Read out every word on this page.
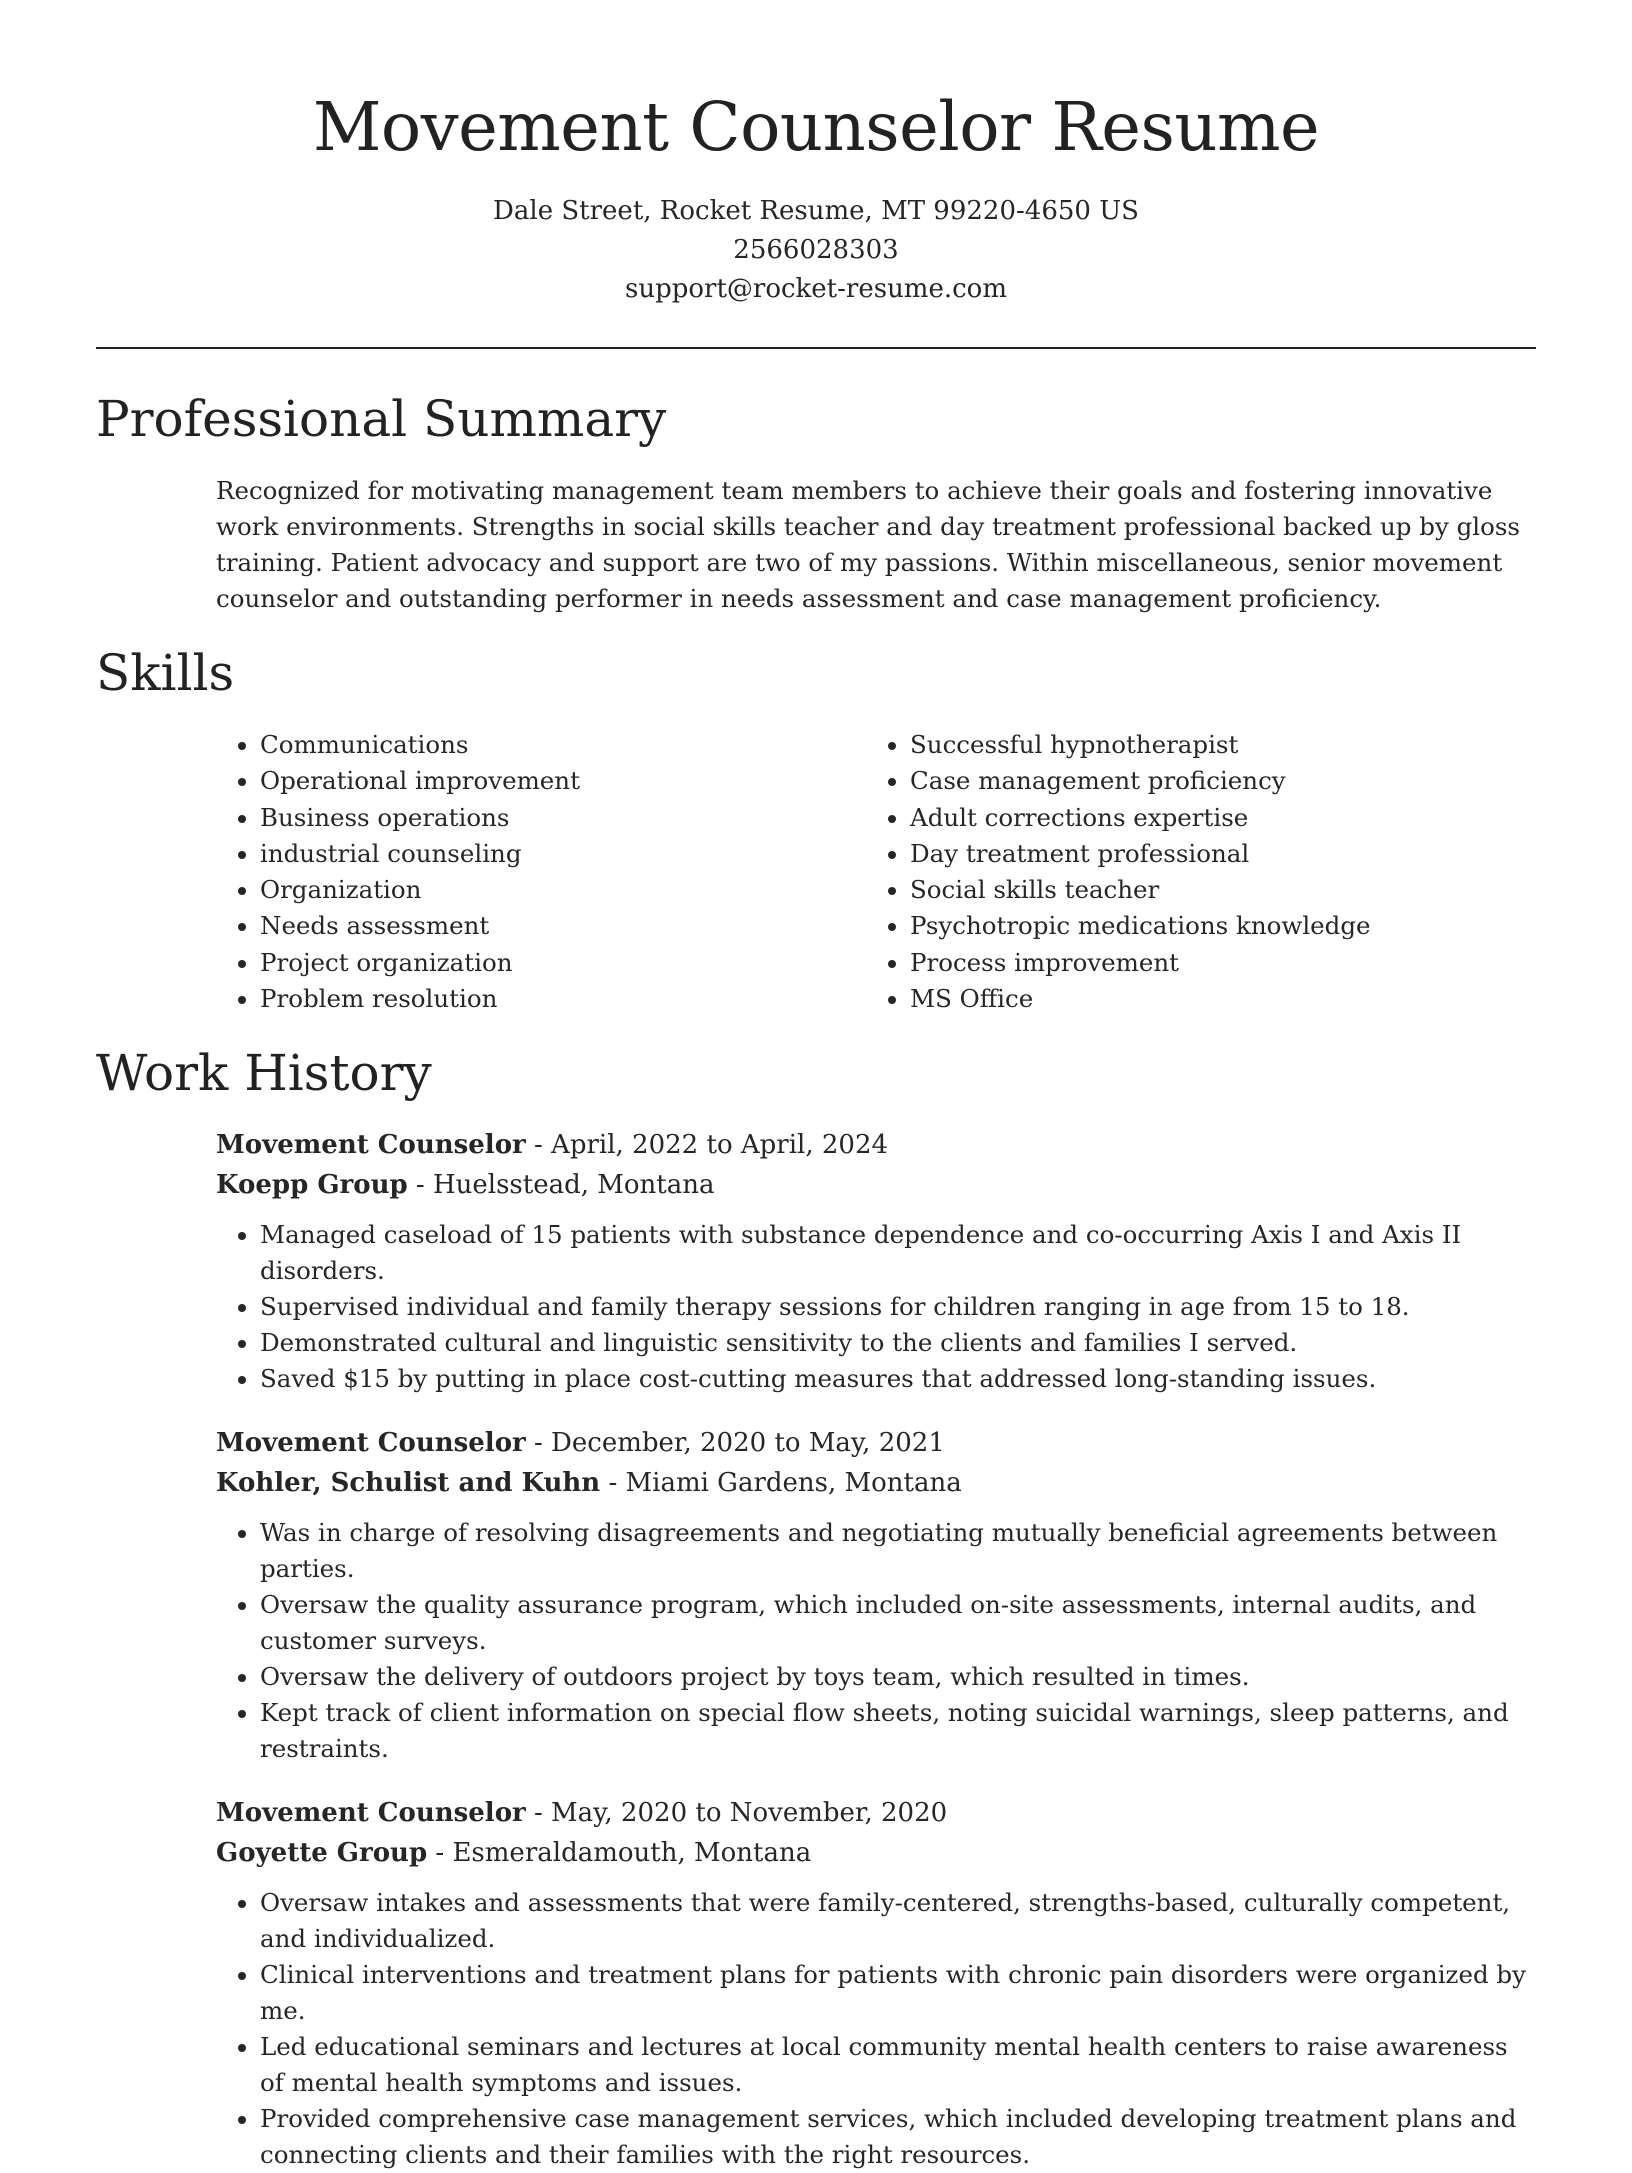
Movement Counselor Resume
Dale Street, Rocket Resume, MT 99220-4650 US
2566028303
support@rocket-resume.com
Professional Summary

Recognized for motivating management team members to achieve their goals and fostering innovative work environments. Strengths in social skills teacher and day treatment professional backed up by gloss training. Patient advocacy and support are two of my passions. Within miscellaneous, senior movement counselor and outstanding performer in needs assessment and case management proficiency.

Skills
• Communications
• Operational improvement
• Business operations
• industrial counseling
• Organization
• Needs assessment
• Project organization
• Problem resolution
• Successful hypnotherapist
• Case management proficiency
• Adult corrections expertise
• Day treatment professional
• Social skills teacher
• Psychotropic medications knowledge
• Process improvement
• MS Office
Work History
Movement Counselor - April, 2022 to April, 2024
Koepp Group - Huelsstead, Montana
• Managed caseload of 15 patients with substance dependence and co-occurring Axis I and Axis II disorders.
• Supervised individual and family therapy sessions for children ranging in age from 15 to 18.
• Demonstrated cultural and linguistic sensitivity to the clients and families I served.
• Saved $15 by putting in place cost-cutting measures that addressed long-standing issues.
Movement Counselor - December, 2020 to May, 2021
Kohler, Schulist and Kuhn - Miami Gardens, Montana
• Was in charge of resolving disagreements and negotiating mutually beneficial agreements between parties.
• Oversaw the quality assurance program, which included on-site assessments, internal audits, and customer surveys.
• Oversaw the delivery of outdoors project by toys team, which resulted in times.
• Kept track of client information on special flow sheets, noting suicidal warnings, sleep patterns, and restraints.
Movement Counselor - May, 2020 to November, 2020
Goyette Group - Esmeraldamouth, Montana
• Oversaw intakes and assessments that were family-centered, strengths-based, culturally competent, and individualized.
• Clinical interventions and treatment plans for patients with chronic pain disorders were organized by me.
• Led educational seminars and lectures at local community mental health centers to raise awareness of mental health symptoms and issues.
• Provided comprehensive case management services, which included developing treatment plans and connecting clients and their families with the right resources.
